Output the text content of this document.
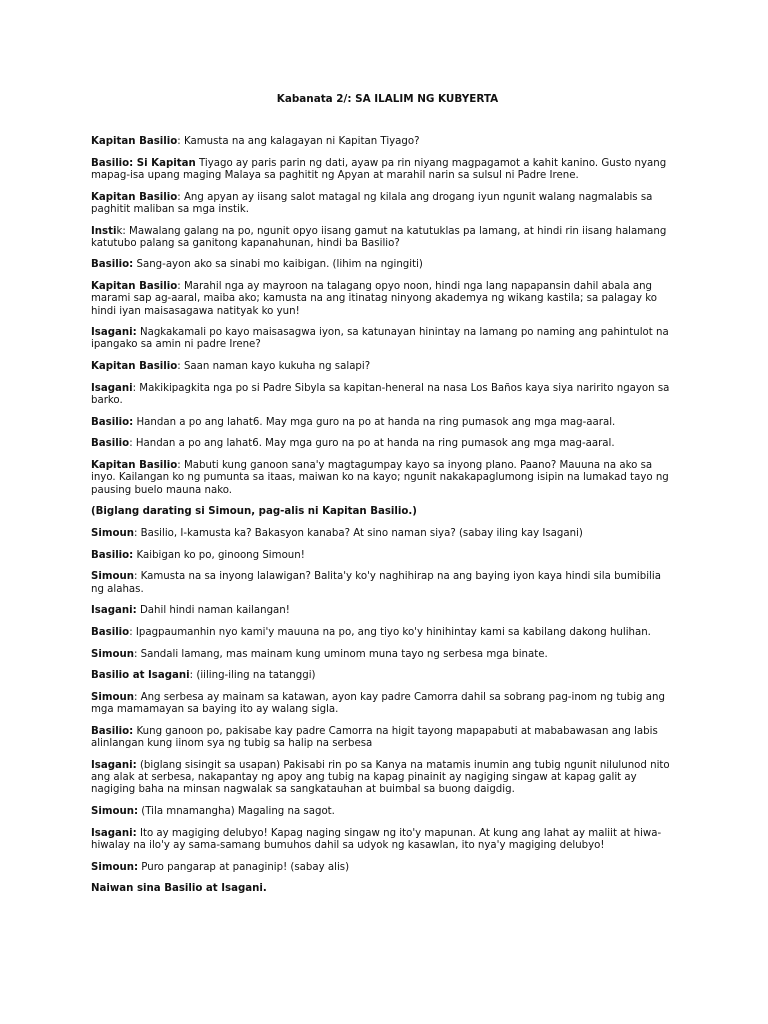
Kabanata 2/: SA ILALIM NG KUBYERTA

Kapitan Basilio: Kamusta na ang kalagayan ni Kapitan Tiyago?

Basilio: Si Kapitan Tiyago ay paris parin ng dati, ayaw pa rin niyang magpagamot a kahit kanino. Gusto nyang mapag-isa upang maging Malaya sa paghitit ng Apyan at marahil narin sa sulsul ni Padre Irene.

Kapitan Basilio: Ang apyan ay iisang salot matagal ng kilala ang drogang iyun ngunit walang nagmalabis sa paghitit maliban sa mga instik.

Instik: Mawalang galang na po, ngunit opyo iisang gamut na katutuklas pa lamang, at hindi rin iisang halamang katutubo palang sa ganitong kapanahunan, hindi ba Basilio?

Basilio: Sang-ayon ako sa sinabi mo kaibigan. (lihim na ngingiti)

Kapitan Basilio: Marahil nga ay mayroon na talagang opyo noon, hindi nga lang napapansin dahil abala ang marami sap ag-aaral, maiba ako; kamusta na ang itinatag ninyong akademya ng wikang kastila; sa palagay ko hindi iyan maisasagawa natityak ko yun!

Isagani: Nagkakamali po kayo maisasagwa iyon, sa katunayan hinintay na lamang po naming ang pahintulot na ipangako sa amin ni padre Irene?

Kapitan Basilio: Saan naman kayo kukuha ng salapi?

Isagani: Makikipagkita nga po si Padre Sibyla sa kapitan-heneral na nasa Los Baños kaya siya naririto ngayon sa barko.

Basilio: Handan a po ang lahat6. May mga guro na po at handa na ring pumasok ang mga mag-aaral.

Basilio: Handan a po ang lahat6. May mga guro na po at handa na ring pumasok ang mga mag-aaral.

Kapitan Basilio: Mabuti kung ganoon sana'y magtagumpay kayo sa inyong plano. Paano? Mauuna na ako sa inyo. Kailangan ko ng pumunta sa itaas, maiwan ko na kayo; ngunit nakakapaglumong isipin na lumakad tayo ng pausing buelo mauna nako.

(Biglang darating si Simoun, pag-alis ni Kapitan Basilio.)

Simoun: Basilio, I-kamusta ka? Bakasyon kanaba? At sino naman siya? (sabay iling kay Isagani)

Basilio: Kaibigan ko po, ginoong Simoun!

Simoun: Kamusta na sa inyong lalawigan? Balita'y ko'y naghihirap na ang baying iyon kaya hindi sila bumibilia ng alahas.

Isagani: Dahil hindi naman kailangan!

Basilio: Ipagpaumanhin nyo kami'y mauuna na po, ang tiyo ko'y hinihintay kami sa kabilang dakong hulihan.

Simoun: Sandali lamang, mas mainam kung uminom muna tayo ng serbesa mga binate.

Basilio at Isagani: (iiling-iling na tatanggi)

Simoun: Ang serbesa ay mainam sa katawan, ayon kay padre Camorra dahil sa sobrang pag-inom ng tubig ang mga mamamayan sa baying ito ay walang sigla.

Basilio: Kung ganoon po, pakisabe kay padre Camorra na higit tayong mapapabuti at mababawasan ang labis alinlangan kung iinom sya ng tubig sa halip na serbesa

Isagani: (biglang sisingit sa usapan) Pakisabi rin po sa Kanya na matamis inumin ang tubig ngunit nilulunod nito ang alak at serbesa, nakapantay ng apoy ang tubig na kapag pinainit ay nagiging singaw at kapag galit ay nagiging baha na minsan nagwalak sa sangkatauhan at buimbal sa buong daigdig.

Simoun: (Tila mnamangha) Magaling na sagot.

Isagani: Ito ay magiging delubyo! Kapag naging singaw ng ito'y mapunan. At kung ang lahat ay maliit at hiwa-hiwalay na ilo'y ay sama-samang bumuhos dahil sa udyok ng kasawlan, ito nya'y magiging delubyo!

Simoun: Puro pangarap at panaginip! (sabay alis)

Naiwan sina Basilio at Isagani.
